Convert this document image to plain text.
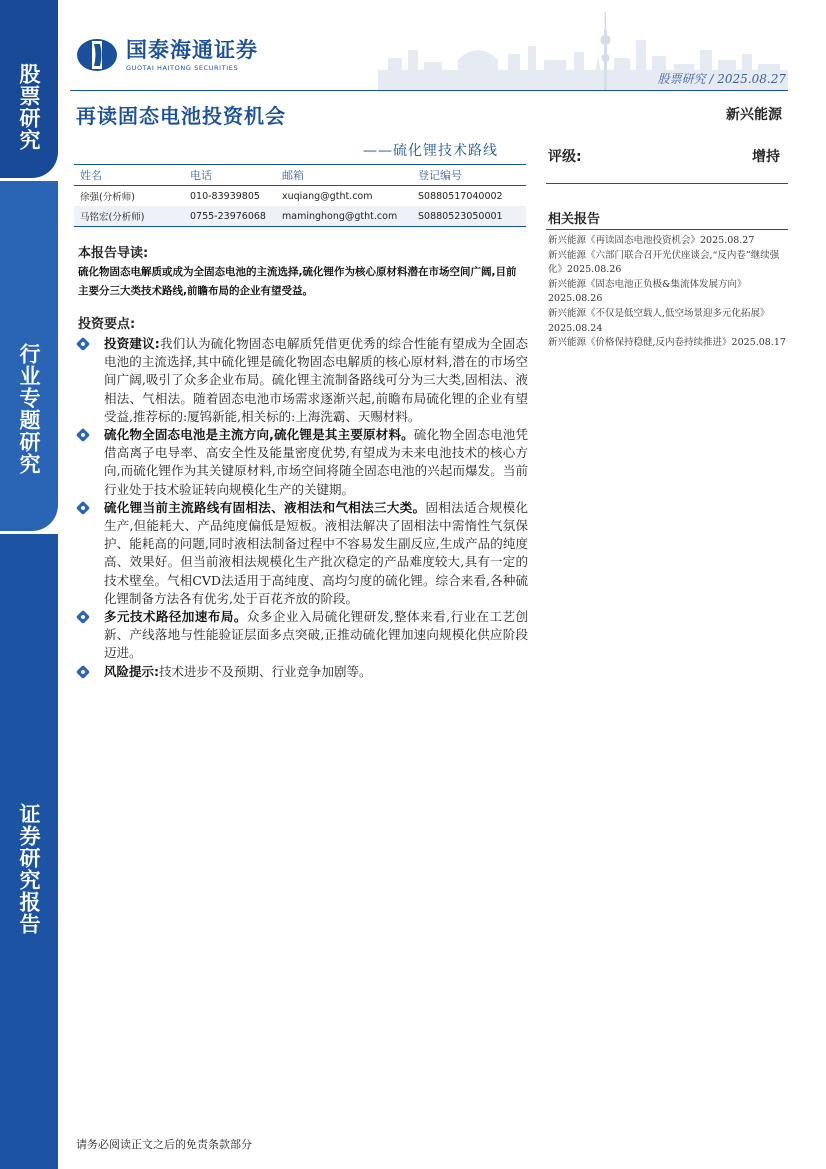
股票研究
行业专题研究
证券研究报告
国泰海通证券
GUOTAI HAITONG SECURITIES
股票研究 / 2025.08.27
再读固态电池投资机会	新兴能源
——硫化锂技术路线	评级:	增持
姓名	电话	邮箱	登记编号
徐强(分析师)	010-83939805	xuqiang@gtht.com	S0880517040002
马铭宏(分析师)	0755-23976068	maminghong@gtht.com	S0880523050001	相关报告
新兴能源《再读固态电池投资机会》2025.08.27
新兴能源《六部门联合召开光伏座谈会,“反内卷”继续强化》2025.08.26
新兴能源《固态电池正负极&集流体发展方向》2025.08.26
新兴能源《不仅是低空载人,低空场景迎多元化拓展》2025.08.24
新兴能源《价格保持稳健,反内卷持续推进》2025.08.17
本报告导读:
硫化物固态电解质或成为全固态电池的主流选择,硫化锂作为核心原材料潜在市场空间广阔,目前主要分三大类技术路线,前瞻布局的企业有望受益。
投资要点:
投资建议:我们认为硫化物固态电解质凭借更优秀的综合性能有望成为全固态电池的主流选择,其中硫化锂是硫化物固态电解质的核心原材料,潜在的市场空间广阔,吸引了众多企业布局。硫化锂主流制备路线可分为三大类,固相法、液相法、气相法。随着固态电池市场需求逐渐兴起,前瞻布局硫化锂的企业有望受益,推荐标的:厦钨新能,相关标的:上海洗霸、天赐材料。
硫化物全固态电池是主流方向,硫化锂是其主要原材料。硫化物全固态电池凭借高离子电导率、高安全性及能量密度优势,有望成为未来电池技术的核心方向,而硫化锂作为其关键原材料,市场空间将随全固态电池的兴起而爆发。当前行业处于技术验证转向规模化生产的关键期。
硫化锂当前主流路线有固相法、液相法和气相法三大类。固相法适合规模化生产,但能耗大、产品纯度偏低是短板。液相法解决了固相法中需惰性气氛保护、能耗高的问题,同时液相法制备过程中不容易发生副反应,生成产品的纯度高、效果好。但当前液相法规模化生产批次稳定的产品难度较大,具有一定的技术壁垒。气相CVD法适用于高纯度、高均匀度的硫化锂。综合来看,各种硫化锂制备方法各有优劣,处于百花齐放的阶段。
多元技术路径加速布局。众多企业入局硫化锂研发,整体来看,行业在工艺创新、产线落地与性能验证层面多点突破,正推动硫化锂加速向规模化供应阶段迈进。
风险提示:技术进步不及预期、行业竞争加剧等。
请务必阅读正文之后的免责条款部分
